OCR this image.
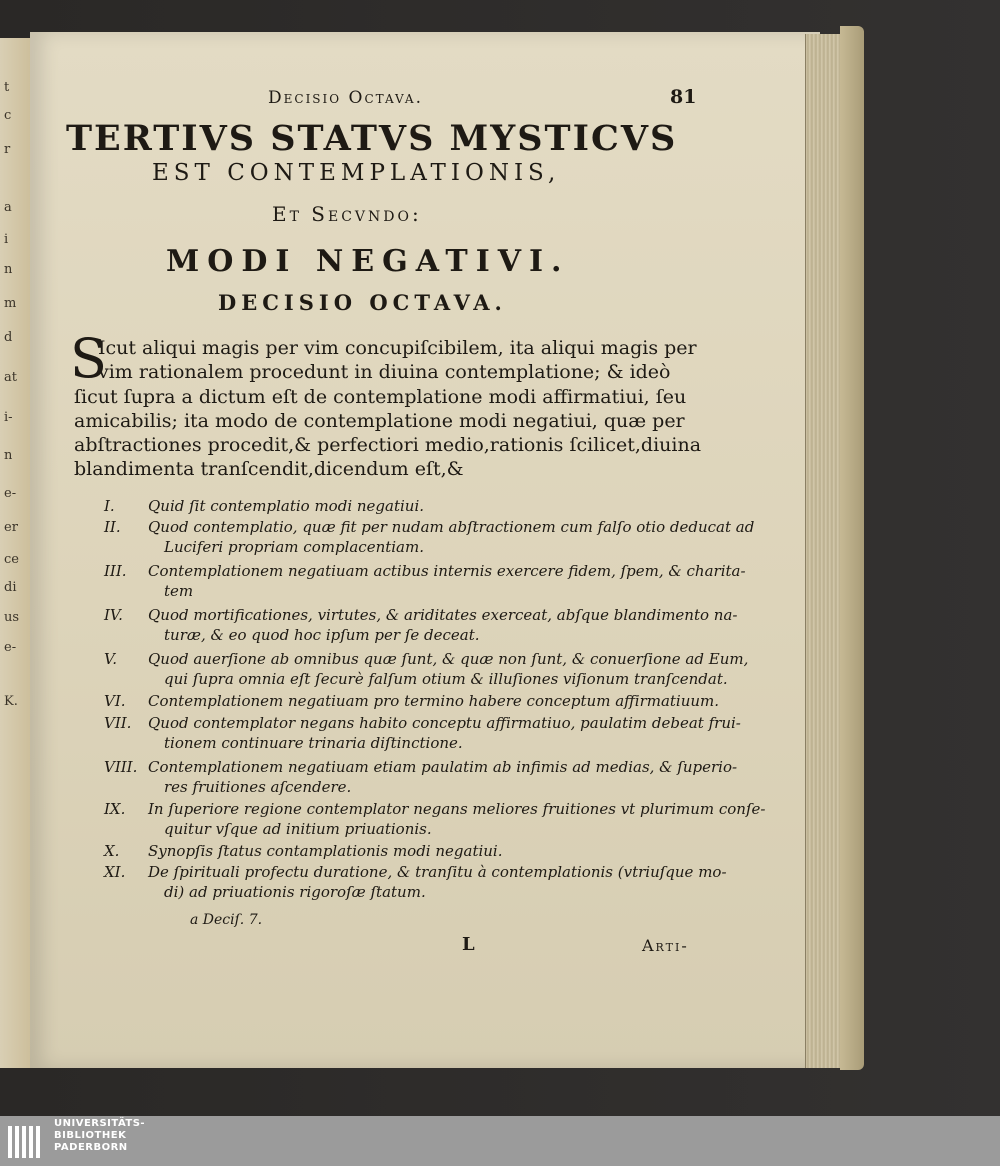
t
c
r
a
i
n
m
d
at
i-
n
e-
er
ce
di
us
e-
K.
Decisio Octava.	81
TERTIVS STATVS MYSTICVS
EST CONTEMPLATIONIS,
Et Secvndo:
MODI NEGATIVI.
DECISIO OCTAVA.
S
Icut aliqui magis per vim concupiſcibilem, ita aliqui magis per
vim rationalem procedunt in diuina contemplatione; & ideò
ſicut ſupra a dictum eſt de contemplatione modi affirmatiui, ſeu
amicabilis; ita modo de contemplatione modi negatiui, quæ per
abſtractiones procedit,& perfectiori medio,rationis ſcilicet,diuina
blandimenta tranſcendit,dicendum eſt,&
I. Quid ſit contemplatio modi negatiui.
II. Quod contemplatio, quæ fit per nudam abſtractionem cum falſo otio deducat ad
Luciferi propriam complacentiam.
III. Contemplationem negatiuam actibus internis exercere fidem, ſpem, & charita-
tem
IV. Quod mortificationes, virtutes, & ariditates exerceat, abſque blandimento na-
turæ, & eo quod hoc ipſum per ſe deceat.
V. Quod auerſione ab omnibus quæ ſunt, & quæ non ſunt, & conuerſione ad Eum,
qui ſupra omnia eſt ſecurè falſum otium & illuſiones viſionum tranſcendat.
VI. Contemplationem negatiuam pro termino habere conceptum affirmatiuum.
VII. Quod contemplator negans habito conceptu affirmatiuo, paulatim debeat frui-
tionem continuare trinaria diſtinctione.
VIII. Contemplationem negatiuam etiam paulatim ab infimis ad medias, & ſuperio-
res fruitiones aſcendere.
IX. In ſuperiore regione contemplator negans meliores fruitiones vt plurimum conſe-
quitur vſque ad initium priuationis.
X. Synopſis ſtatus contamplationis modi negatiui.
XI. De ſpirituali profectu duratione, & tranſitu à contemplationis (vtriuſque mo-
di) ad priuationis rigoroſæ ſtatum.
a Deciſ. 7.
L	Arti-
UNIVERSITÄTS-
BIBLIOTHEK
PADERBORN
